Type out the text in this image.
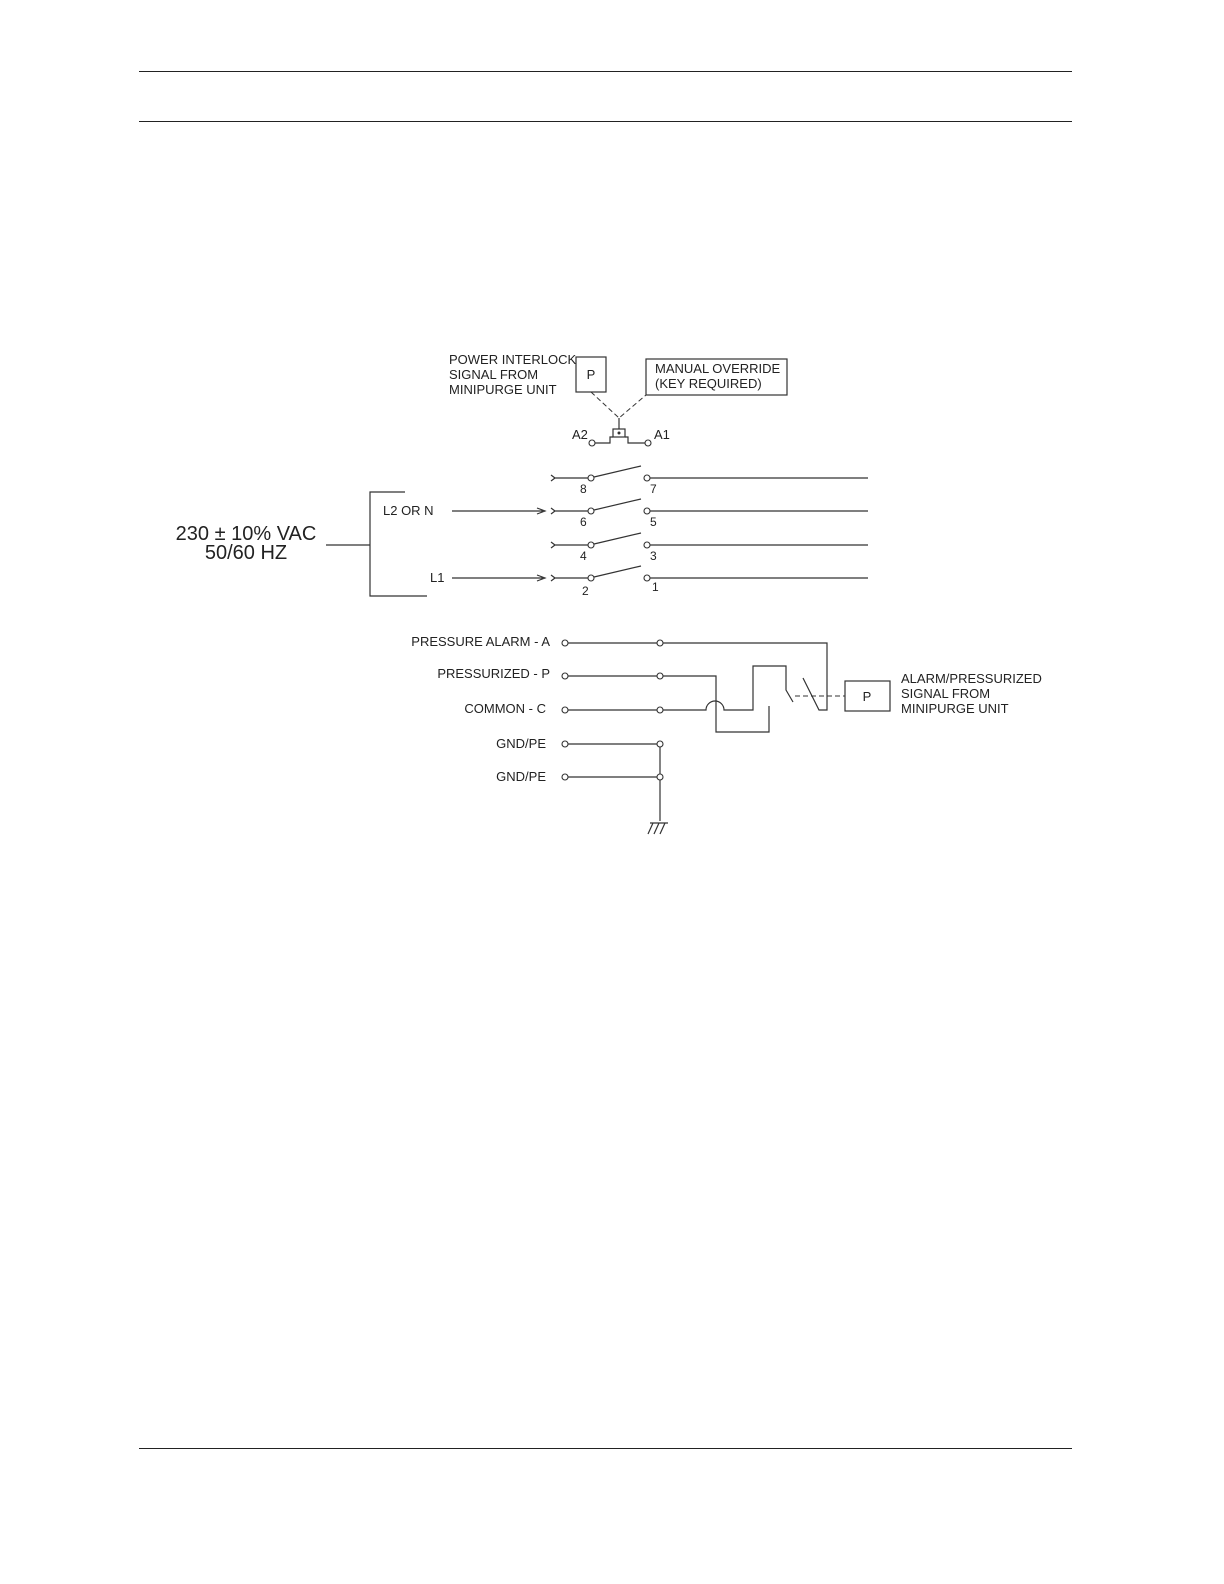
230 ± 10% VAC
50/60 HZ
L2 OR N
L1
POWER INTERLOCK
SIGNAL FROM
MINIPURGE UNIT
P	MANUAL OVERRIDE
(KEY REQUIRED)
A2	A1
8	7
6	5
4	3
2	1
PRESSURE ALARM - A
PRESSURIZED - P
COMMON - C
GND/PE
GND/PE
P
ALARM/PRESSURIZED
SIGNAL FROM
MINIPURGE UNIT
